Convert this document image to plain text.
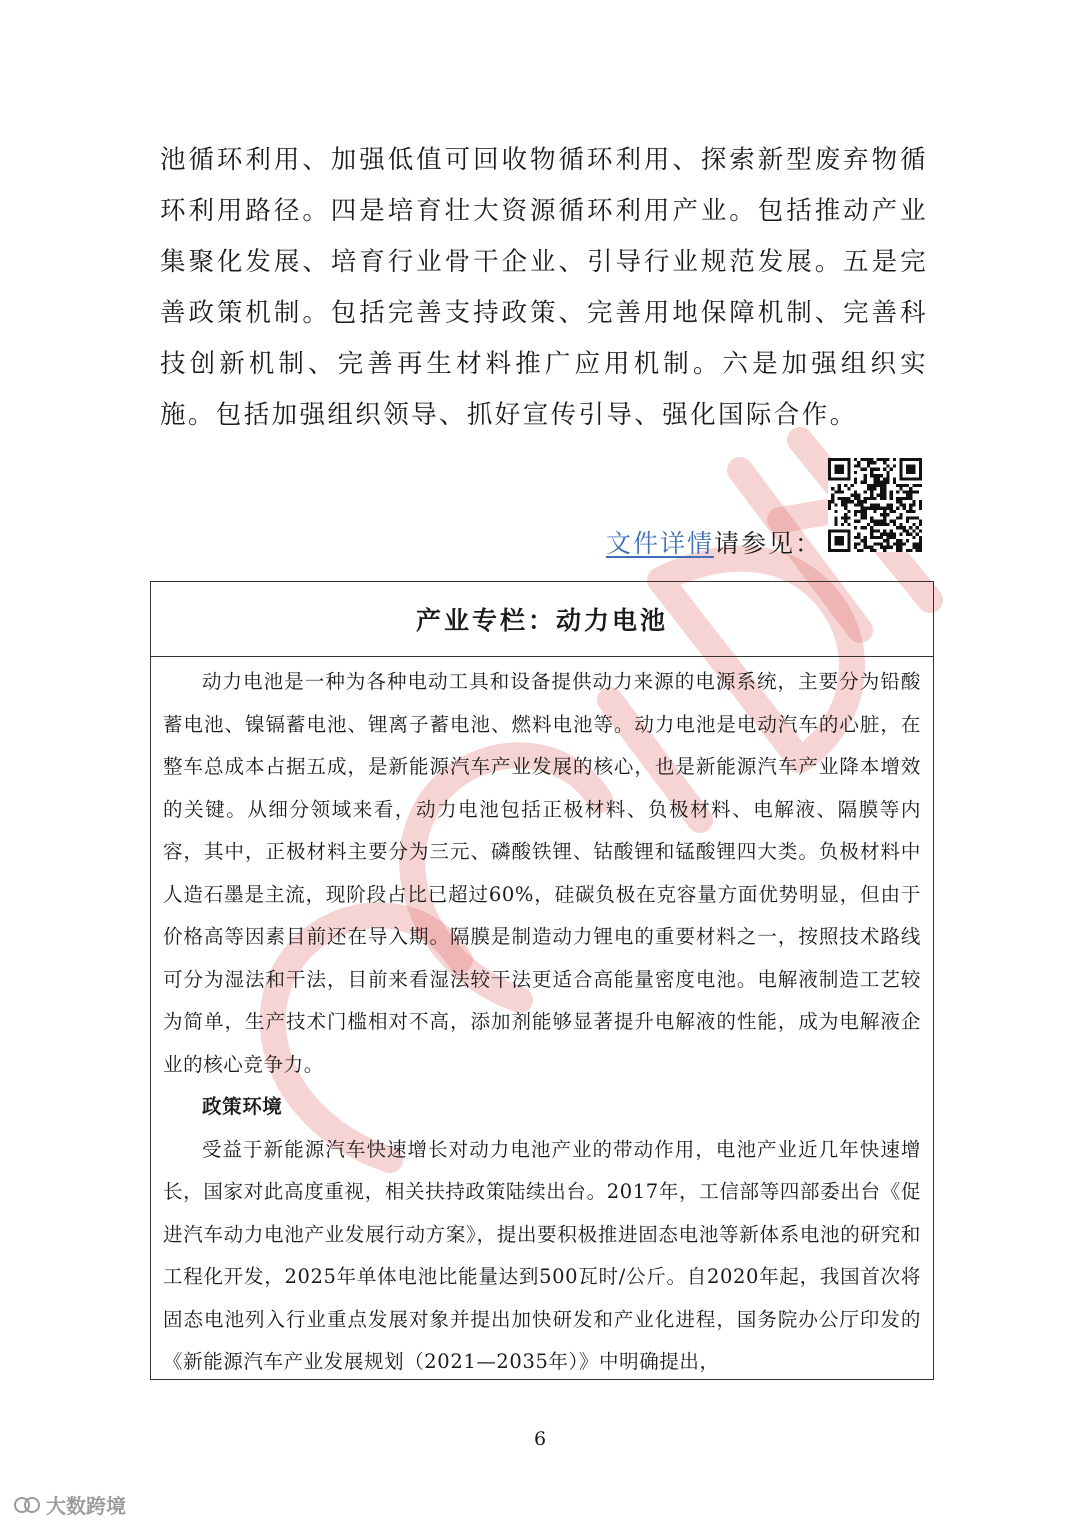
池循环利用、加强低值可回收物循环利用、探索新型废弃物循环利用路径。四是培育壮大资源循环利用产业。包括推动产业集聚化发展、培育行业骨干企业、引导行业规范发展。五是完善政策机制。包括完善支持政策、完善用地保障机制、完善科技创新机制、完善再生材料推广应用机制。六是加强组织实施。包括加强组织领导、抓好宣传引导、强化国际合作。

文件详情请参见：
产业专栏：动力电池

动力电池是一种为各种电动工具和设备提供动力来源的电源系统，主要分为铅酸蓄电池、镍镉蓄电池、锂离子蓄电池、燃料电池等。动力电池是电动汽车的心脏，在整车总成本占据五成，是新能源汽车产业发展的核心，也是新能源汽车产业降本增效的关键。从细分领域来看，动力电池包括正极材料、负极材料、电解液、隔膜等内容，其中，正极材料主要分为三元、磷酸铁锂、钴酸锂和锰酸锂四大类。负极材料中人造石墨是主流，现阶段占比已超过60%，硅碳负极在克容量方面优势明显，但由于价格高等因素目前还在导入期。隔膜是制造动力锂电的重要材料之一，按照技术路线可分为湿法和干法，目前来看湿法较干法更适合高能量密度电池。电解液制造工艺较为简单，生产技术门槛相对不高，添加剂能够显著提升电解液的性能，成为电解液企业的核心竞争力。

政策环境

受益于新能源汽车快速增长对动力电池产业的带动作用，电池产业近几年快速增长，国家对此高度重视，相关扶持政策陆续出台。2017年，工信部等四部委出台《促进汽车动力电池产业发展行动方案》，提出要积极推进固态电池等新体系电池的研究和工程化开发，2025年单体电池比能量达到500瓦时/公斤。自2020年起，我国首次将固态电池列入行业重点发展对象并提出加快研发和产业化进程，国务院办公厅印发的《新能源汽车产业发展规划（2021—2035年）》中明确提出，

6
大数跨境
